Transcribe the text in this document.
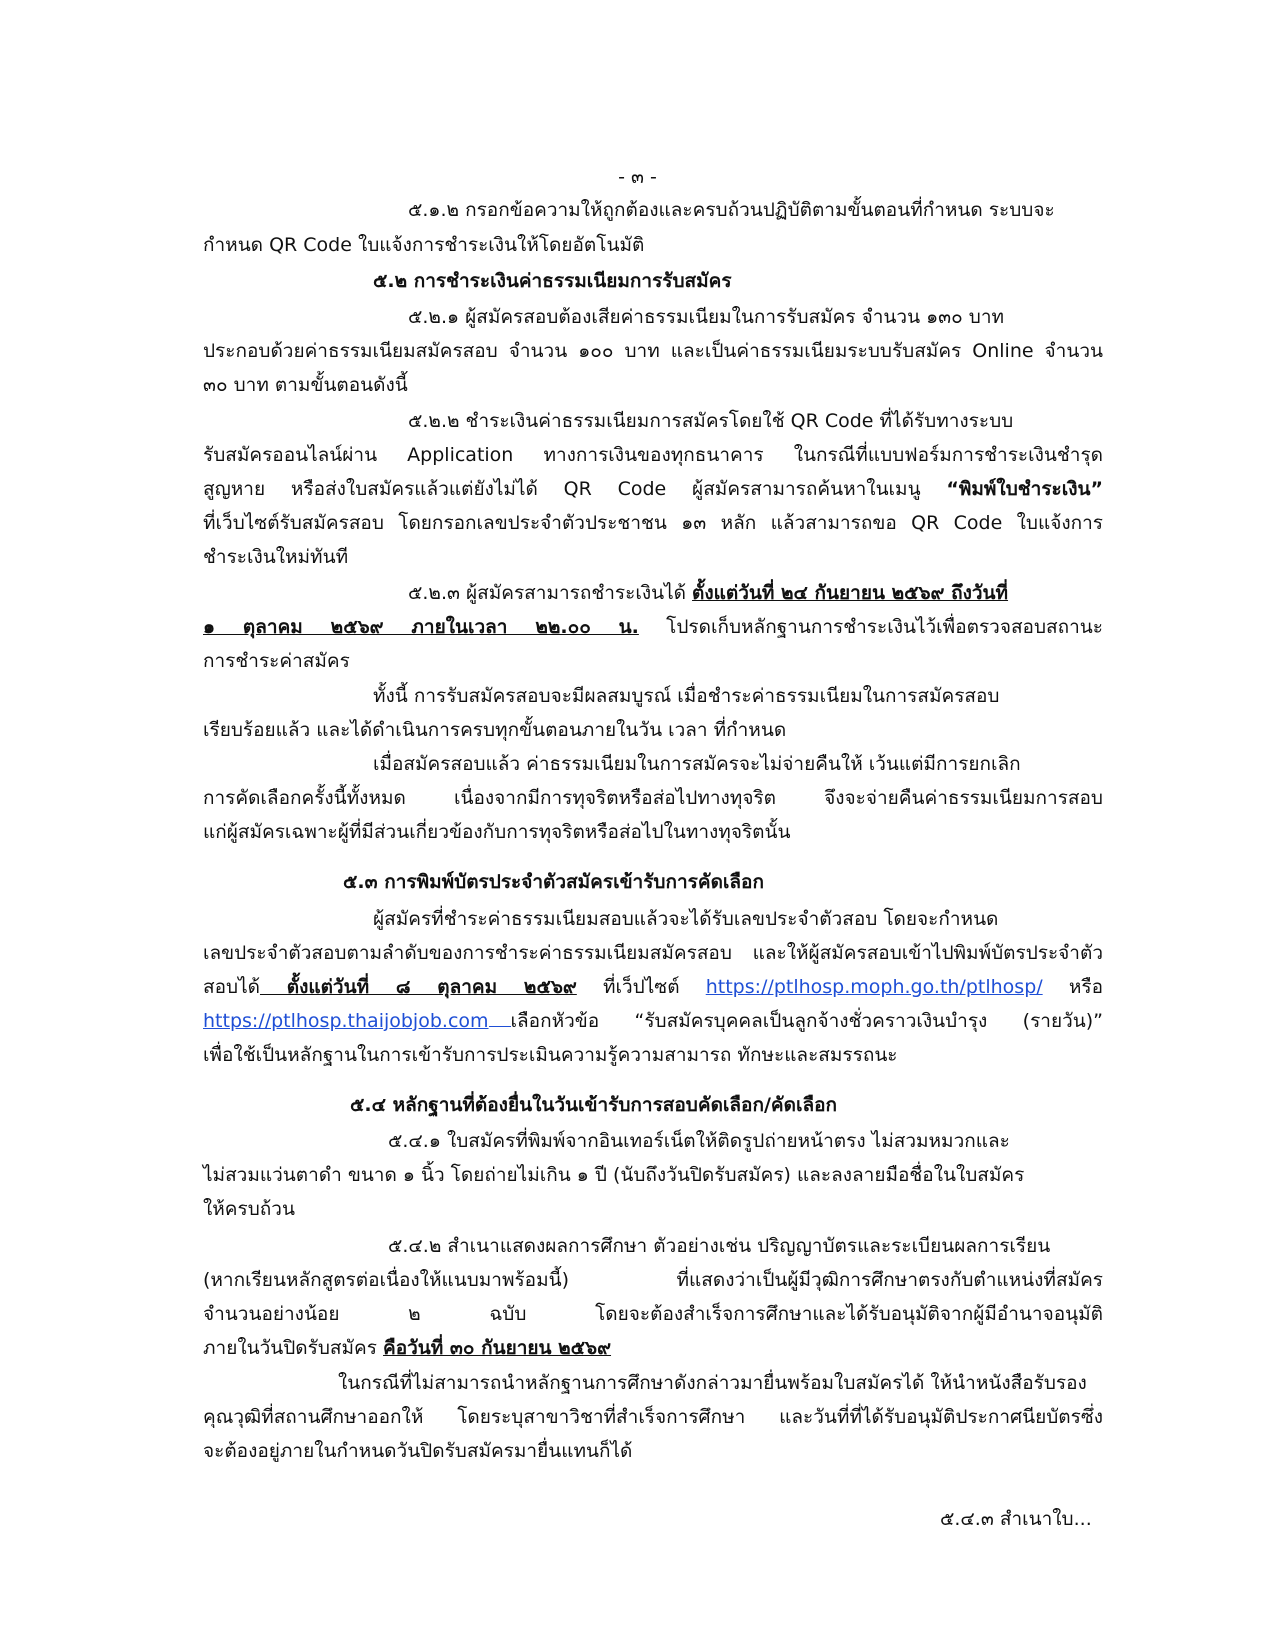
- ๓ -
๕.๑.๒ กรอกข้อความให้ถูกต้องและครบถ้วนปฏิบัติตามขั้นตอนที่กำหนด ระบบจะ
กำหนด QR Code ใบแจ้งการชำระเงินให้โดยอัตโนมัติ
๕.๒ การชำระเงินค่าธรรมเนียมการรับสมัคร
๕.๒.๑ ผู้สมัครสอบต้องเสียค่าธรรมเนียมในการรับสมัคร จำนวน ๑๓๐ บาท
ประกอบด้วยค่าธรรมเนียมสมัครสอบ จำนวน ๑๐๐ บาท และเป็นค่าธรรมเนียมระบบรับสมัคร Online จำนวน
๓๐ บาท ตามขั้นตอนดังนี้
๕.๒.๒ ชำระเงินค่าธรรมเนียมการสมัครโดยใช้ QR Code ที่ได้รับทางระบบ
รับสมัครออนไลน์ผ่าน Application ทางการเงินของทุกธนาคาร ในกรณีที่แบบฟอร์มการชำระเงินชำรุด
สูญหาย หรือส่งใบสมัครแล้วแต่ยังไม่ได้ QR Code ผู้สมัครสามารถค้นหาในเมนู “พิมพ์ใบชำระเงิน”
ที่เว็บไซต์รับสมัครสอบ โดยกรอกเลขประจำตัวประชาชน ๑๓ หลัก แล้วสามารถขอ QR Code ใบแจ้งการ
ชำระเงินใหม่ทันที
๕.๒.๓ ผู้สมัครสามารถชำระเงินได้ ตั้งแต่วันที่ ๒๔ กันยายน ๒๕๖๙ ถึงวันที่
๑ ตุลาคม ๒๕๖๙ ภายในเวลา ๒๒.๐๐ น. โปรดเก็บหลักฐานการชำระเงินไว้เพื่อตรวจสอบสถานะ
การชำระค่าสมัคร
ทั้งนี้ การรับสมัครสอบจะมีผลสมบูรณ์ เมื่อชำระค่าธรรมเนียมในการสมัครสอบ
เรียบร้อยแล้ว และได้ดำเนินการครบทุกขั้นตอนภายในวัน เวลา ที่กำหนด
เมื่อสมัครสอบแล้ว ค่าธรรมเนียมในการสมัครจะไม่จ่ายคืนให้ เว้นแต่มีการยกเลิก
การคัดเลือกครั้งนี้ทั้งหมด เนื่องจากมีการทุจริตหรือส่อไปทางทุจริต จึงจะจ่ายคืนค่าธรรมเนียมการสอบ
แก่ผู้สมัครเฉพาะผู้ที่มีส่วนเกี่ยวข้องกับการทุจริตหรือส่อไปในทางทุจริตนั้น
๕.๓ การพิมพ์บัตรประจำตัวสมัครเข้ารับการคัดเลือก
ผู้สมัครที่ชำระค่าธรรมเนียมสอบแล้วจะได้รับเลขประจำตัวสอบ โดยจะกำหนด
เลขประจำตัวสอบตามลำดับของการชำระค่าธรรมเนียมสมัครสอบ และให้ผู้สมัครสอบเข้าไปพิมพ์บัตรประจำตัว
สอบได้ ตั้งแต่วันที่ ๘ ตุลาคม ๒๕๖๙ ที่เว็ปไซต์ https://ptlhosp.moph.go.th/ptlhosp/ หรือ
https://ptlhosp.thaijobjob.com เลือกหัวข้อ “รับสมัครบุคคลเป็นลูกจ้างชั่วคราวเงินบำรุง (รายวัน)”
เพื่อใช้เป็นหลักฐานในการเข้ารับการประเมินความรู้ความสามารถ ทักษะและสมรรถนะ
๕.๔ หลักฐานที่ต้องยื่นในวันเข้ารับการสอบคัดเลือก/คัดเลือก
๕.๔.๑ ใบสมัครที่พิมพ์จากอินเทอร์เน็ตให้ติดรูปถ่ายหน้าตรง ไม่สวมหมวกและ
ไม่สวมแว่นตาดำ ขนาด ๑ นิ้ว โดยถ่ายไม่เกิน ๑ ปี (นับถึงวันปิดรับสมัคร) และลงลายมือชื่อในใบสมัคร
ให้ครบถ้วน
๕.๔.๒ สำเนาแสดงผลการศึกษา ตัวอย่างเช่น ปริญญาบัตรและระเบียนผลการเรียน
(หากเรียนหลักสูตรต่อเนื่องให้แนบมาพร้อมนี้) ที่แสดงว่าเป็นผู้มีวุฒิการศึกษาตรงกับตำแหน่งที่สมัคร
จำนวนอย่างน้อย ๒ ฉบับ โดยจะต้องสำเร็จการศึกษาและได้รับอนุมัติจากผู้มีอำนาจอนุมัติ
ภายในวันปิดรับสมัคร คือวันที่ ๓๐ กันยายน ๒๕๖๙
ในกรณีที่ไม่สามารถนำหลักฐานการศึกษาดังกล่าวมายื่นพร้อมใบสมัครได้ ให้นำหนังสือรับรอง
คุณวุฒิที่สถานศึกษาออกให้ โดยระบุสาขาวิชาที่สำเร็จการศึกษา และวันที่ที่ได้รับอนุมัติประกาศนียบัตรซึ่ง
จะต้องอยู่ภายในกำหนดวันปิดรับสมัครมายื่นแทนก็ได้
๕.๔.๓ สำเนาใบ...
